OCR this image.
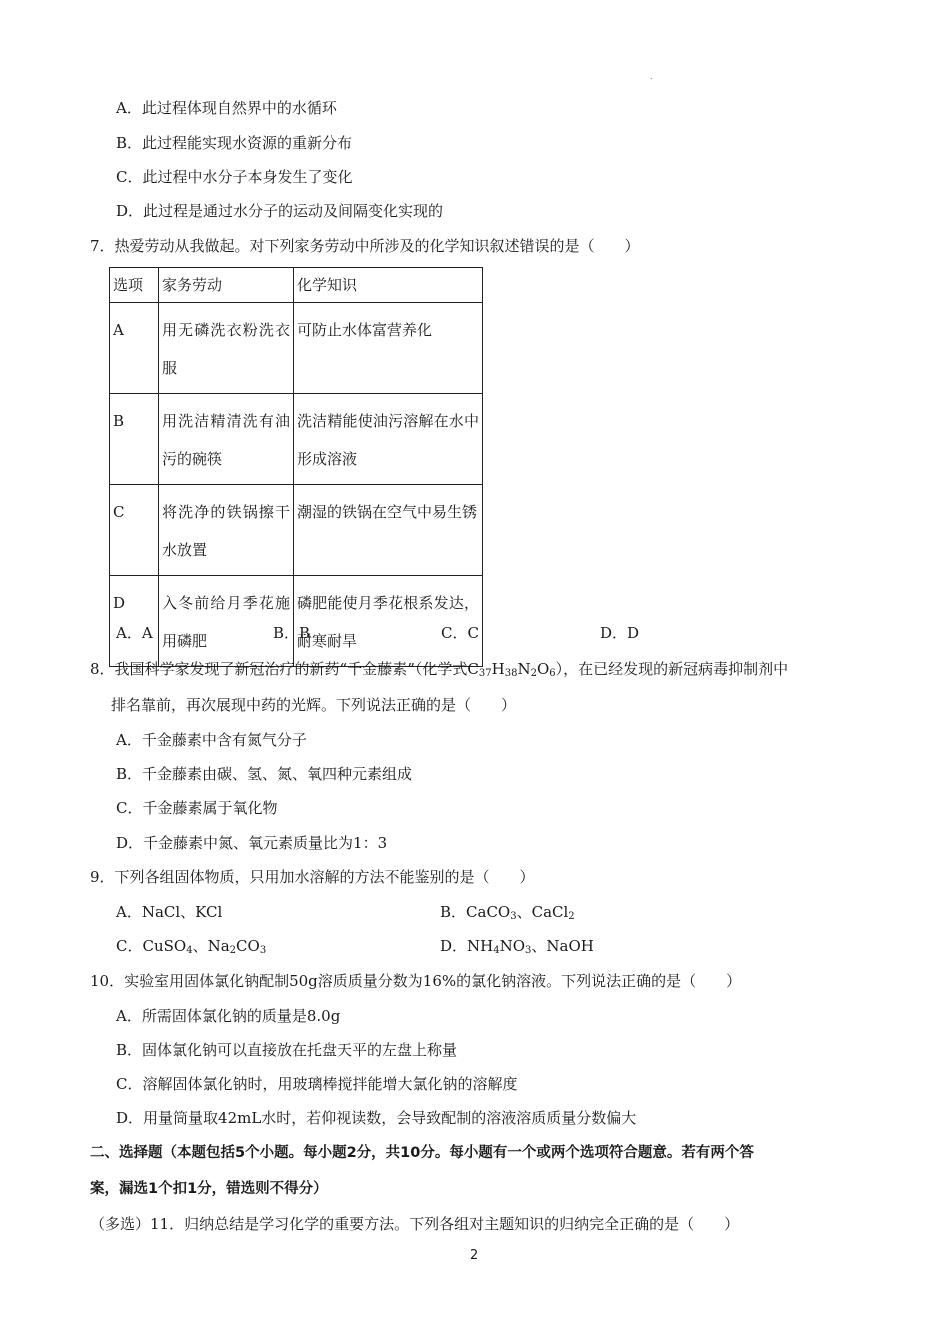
.
A．此过程体现自然界中的水循环
B．此过程能实现水资源的重新分布
C．此过程中水分子本身发生了变化
D．此过程是通过水分子的运动及间隔变化实现的
7．热爱劳动从我做起。对下列家务劳动中所涉及的化学知识叙述错误的是（　　）
选项	家务劳动	化学知识
A	用无磷洗衣粉洗衣服	可防止水体富营养化
B	用洗洁精清洗有油污的碗筷	洗洁精能使油污溶解在水中形成溶液
C	将洗净的铁锅擦干水放置	潮湿的铁锅在空气中易生锈
D	入冬前给月季花施用磷肥	磷肥能使月季花根系发达，耐寒耐旱
A．A	B．B	C．C	D．D
8．我国科学家发现了新冠治疗的新药“千金藤素”（化学式$C_{37}H_{38}N_2O_6$），在已经发现的新冠病毒抑制剂中
排名靠前，再次展现中药的光辉。下列说法正确的是（　　）
A．千金藤素中含有氮气分子
B．千金藤素由碳、氢、氮、氧四种元素组成
C．千金藤素属于氧化物
D．千金藤素中氮、氧元素质量比为1：3
9．下列各组固体物质，只用加水溶解的方法不能鉴别的是（　　）
A．NaCl、KCl	B．CaCO$_3$、CaCl$_2$
C．CuSO$_4$、$Na_2CO_3$	D．$NH_4NO_3$、NaOH
10．实验室用固体氯化钠配制50g溶质质量分数为16%的氯化钠溶液。下列说法正确的是（　　）
A．所需固体氯化钠的质量是8.0g
B．固体氯化钠可以直接放在托盘天平的左盘上称量
C．溶解固体氯化钠时，用玻璃棒搅拌能增大氯化钠的溶解度
D．用量筒量取42mL水时，若仰视读数，会导致配制的溶液溶质质量分数偏大
二、选择题（本题包括5个小题。每小题2分，共10分。每小题有一个或两个选项符合题意。若有两个答
案，漏选1个扣1分，错选则不得分）
（多选）11．归纳总结是学习化学的重要方法。下列各组对主题知识的归纳完全正确的是（　　）
2
